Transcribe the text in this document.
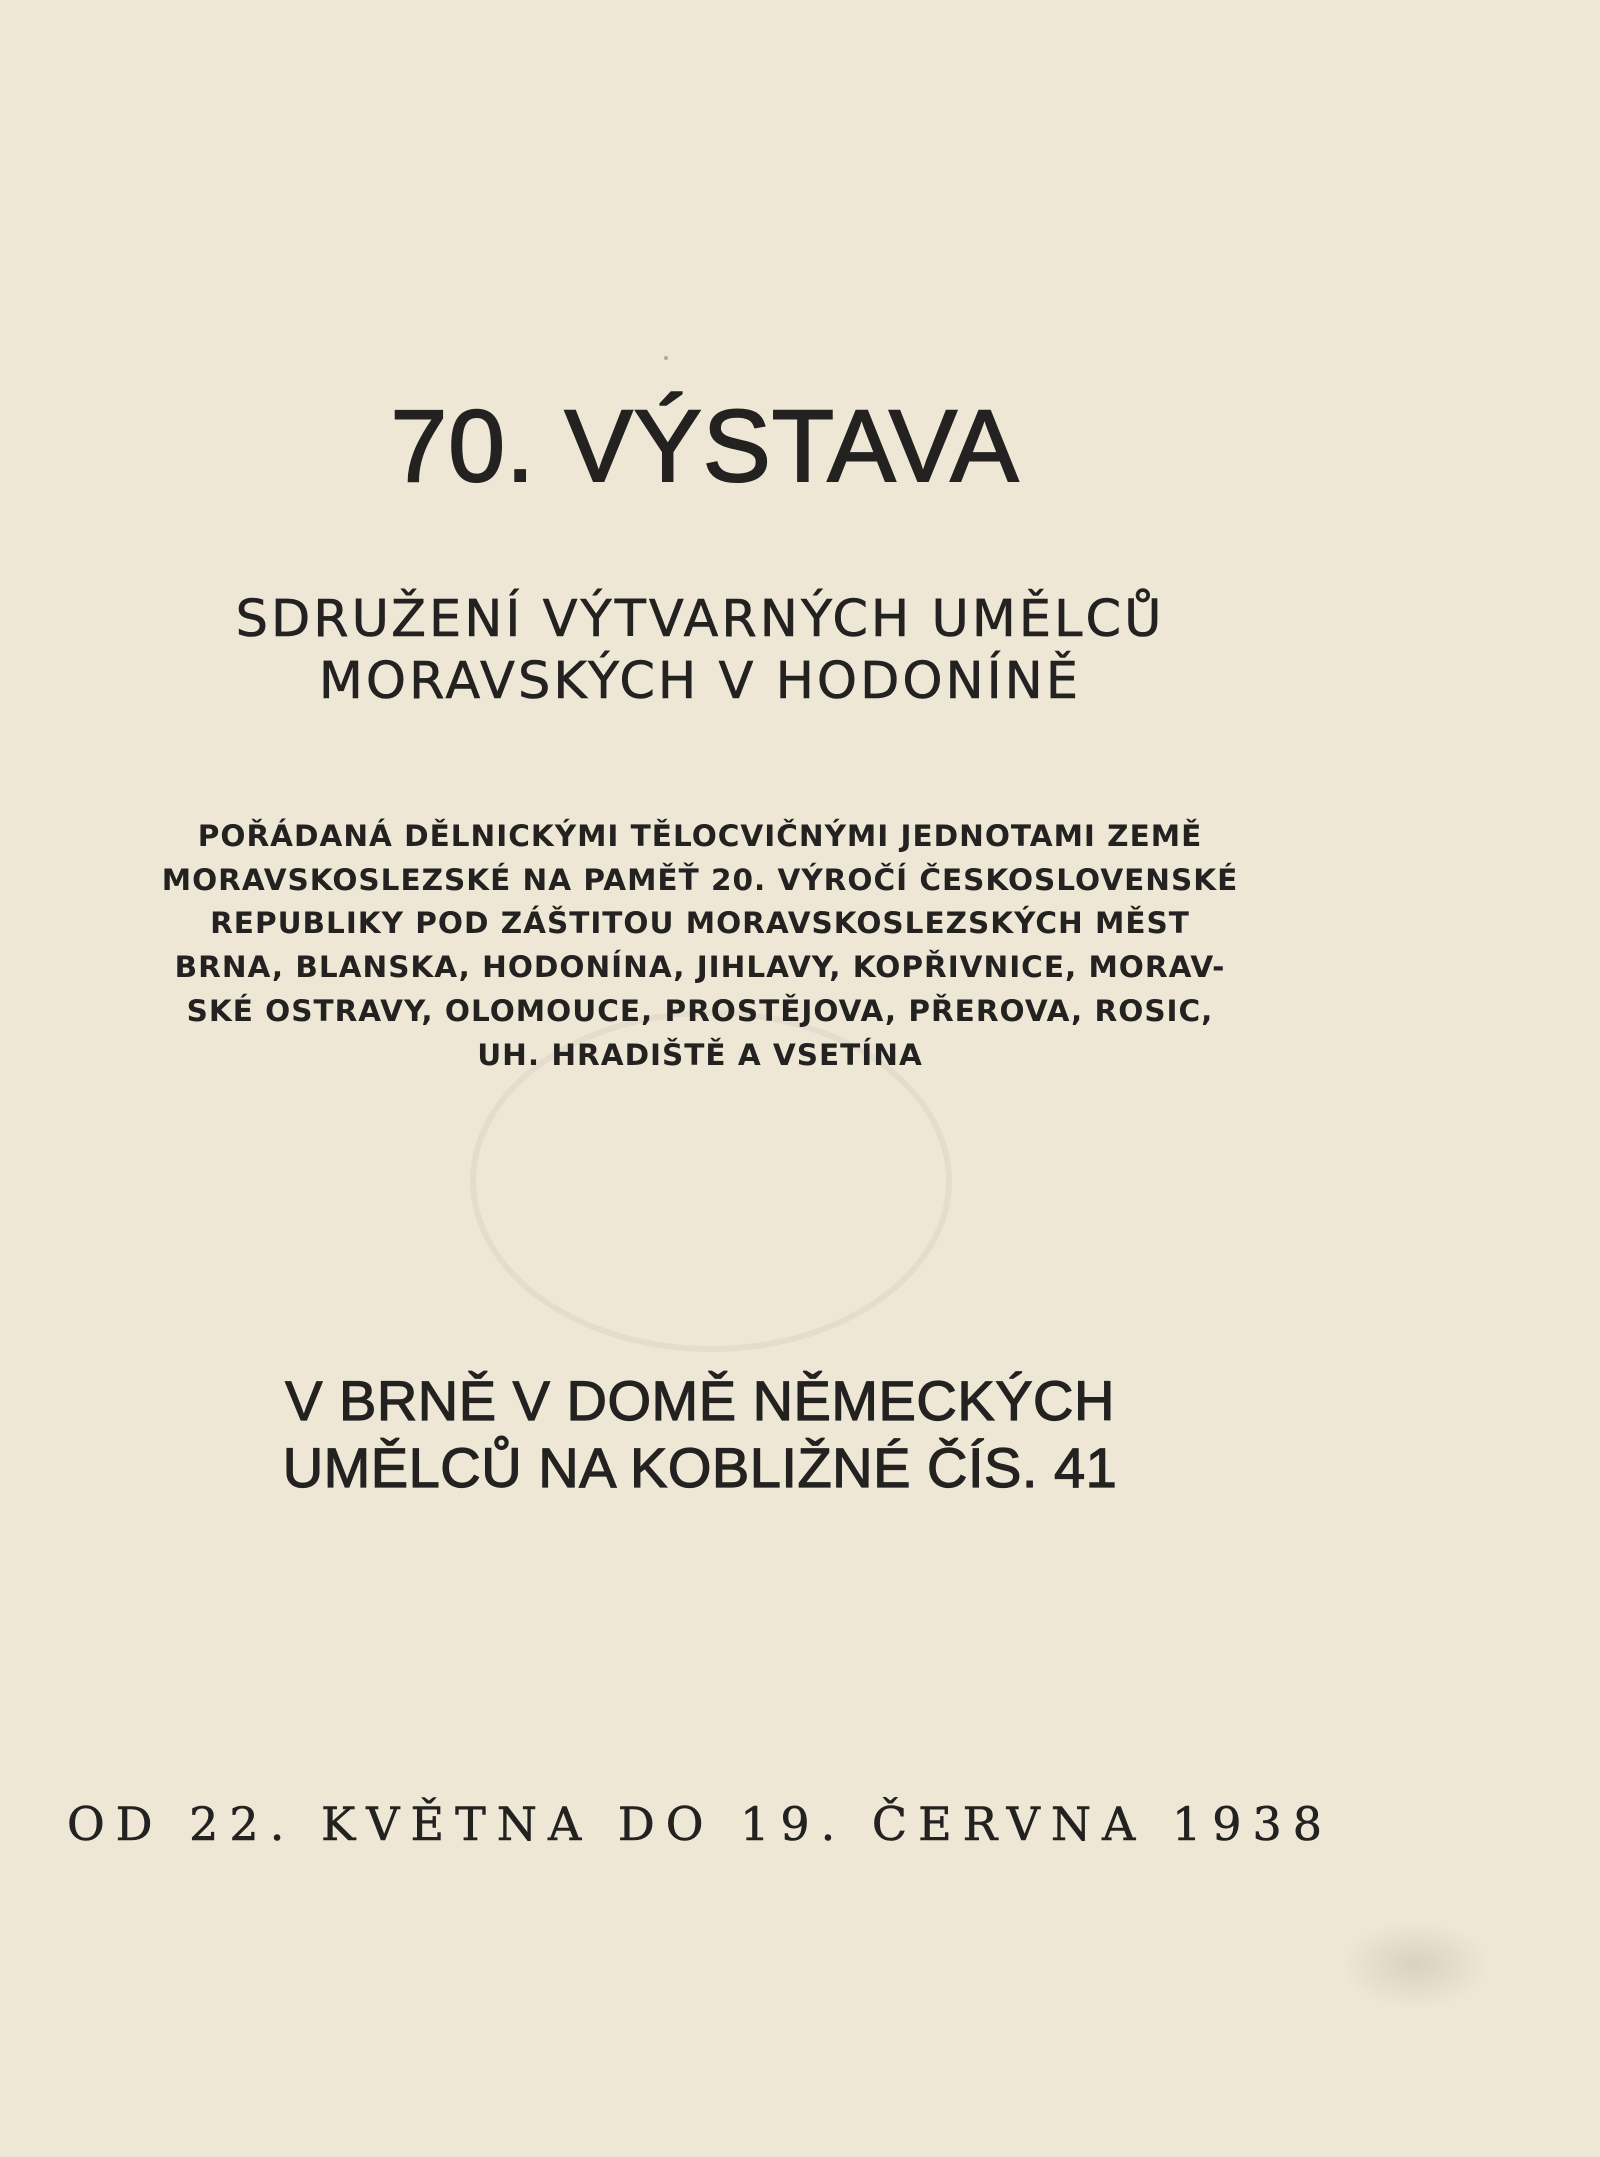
70. VÝSTAVA

SDRUŽENÍ VÝTVARNÝCH UMĚLCŮ

MORAVSKÝCH V HODONÍNĚ

POŘÁDANÁ DĚLNICKÝMI TĚLOCVIČNÝMI JEDNOTAMI ZEMĚ

MORAVSKOSLEZSKÉ NA PAMĚŤ 20. VÝROČÍ ČESKOSLOVENSKÉ

REPUBLIKY POD ZÁŠTITOU MORAVSKOSLEZSKÝCH MĚST

BRNA, BLANSKA, HODONÍNA, JIHLAVY, KOPŘIVNICE, MORAV-

SKÉ OSTRAVY, OLOMOUCE, PROSTĚJOVA, PŘEROVA, ROSIC,

UH. HRADIŠTĚ A VSETÍNA

V BRNĚ V DOMĚ NĚMECKÝCH

UMĚLCŮ NA KOBLIŽNÉ ČÍS. 41

OD 22. KVĚTNA DO 19. ČERVNA 1938
